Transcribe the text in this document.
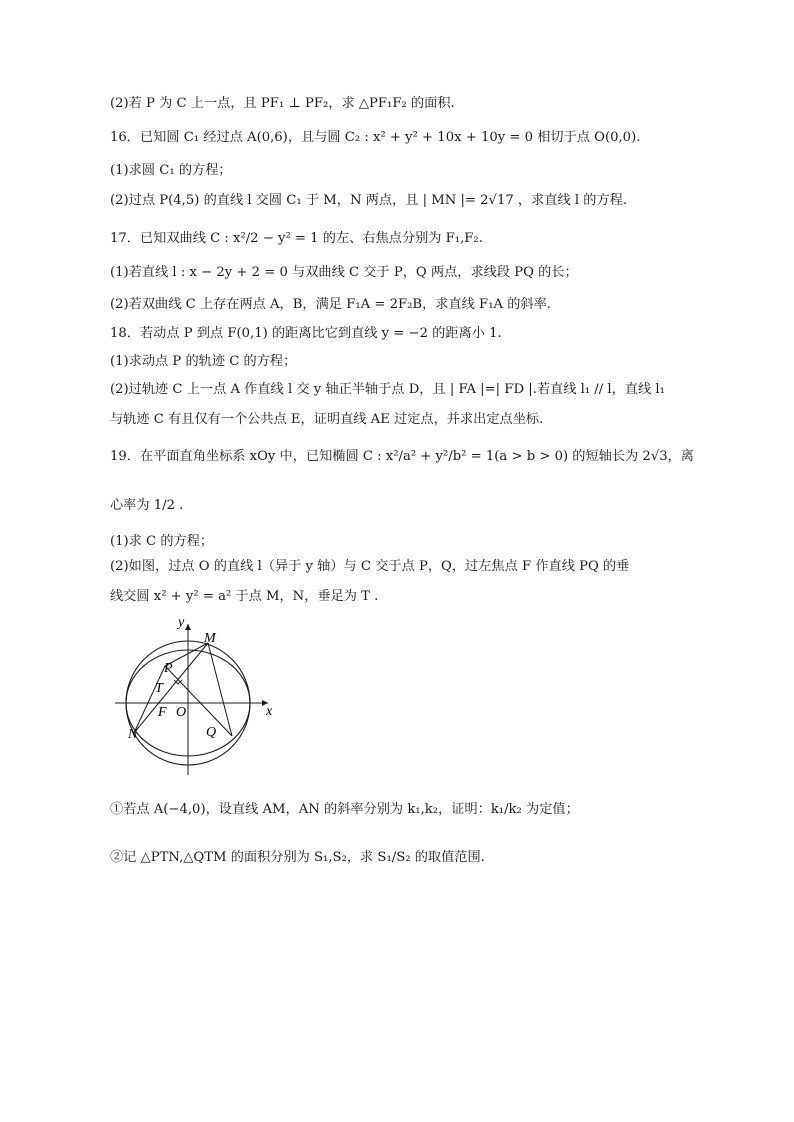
(2)若 P 为 C 上一点，且 PF₁ ⊥ PF₂，求 △PF₁F₂ 的面积.
16．已知圆 C₁ 经过点 A(0,6)，且与圆 C₂ : x² + y² + 10x + 10y = 0 相切于点 O(0,0).
(1)求圆 C₁ 的方程；
(2)过点 P(4,5) 的直线 l 交圆 C₁ 于 M，N 两点，且 | MN |= 2√17 ，求直线 l 的方程.
17．已知双曲线 C : x²/2 − y² = 1 的左、右焦点分别为 F₁,F₂.
(1)若直线 l : x − 2y + 2 = 0 与双曲线 C 交于 P，Q 两点，求线段 PQ 的长；
(2)若双曲线 C 上存在两点 A，B，满足 F₁A = 2F₂B，求直线 F₁A 的斜率.
18．若动点 P 到点 F(0,1) 的距离比它到直线 y = −2 的距离小 1.
(1)求动点 P 的轨迹 C 的方程；
(2)过轨迹 C 上一点 A 作直线 l 交 y 轴正半轴于点 D，且 | FA |=| FD |.若直线 l₁ // l，直线 l₁
与轨迹 C 有且仅有一个公共点 E，证明直线 AE 过定点，并求出定点坐标.
19．在平面直角坐标系 xOy 中，已知椭圆 C : x²/a² + y²/b² = 1(a > b > 0) 的短轴长为 2√3，离
心率为 1/2 .
(1)求 C 的方程；
(2)如图，过点 O 的直线 l（异于 y 轴）与 C 交于点 P，Q，过左焦点 F 作直线 PQ 的垂
线交圆 x² + y² = a² 于点 M，N，垂足为 T .
y
x
M
P
T
F O
N	Q
①若点 A(−4,0)，设直线 AM，AN 的斜率分别为 k₁,k₂，证明：k₁/k₂ 为定值；
②记 △PTN,△QTM 的面积分别为 S₁,S₂，求 S₁/S₂ 的取值范围.
